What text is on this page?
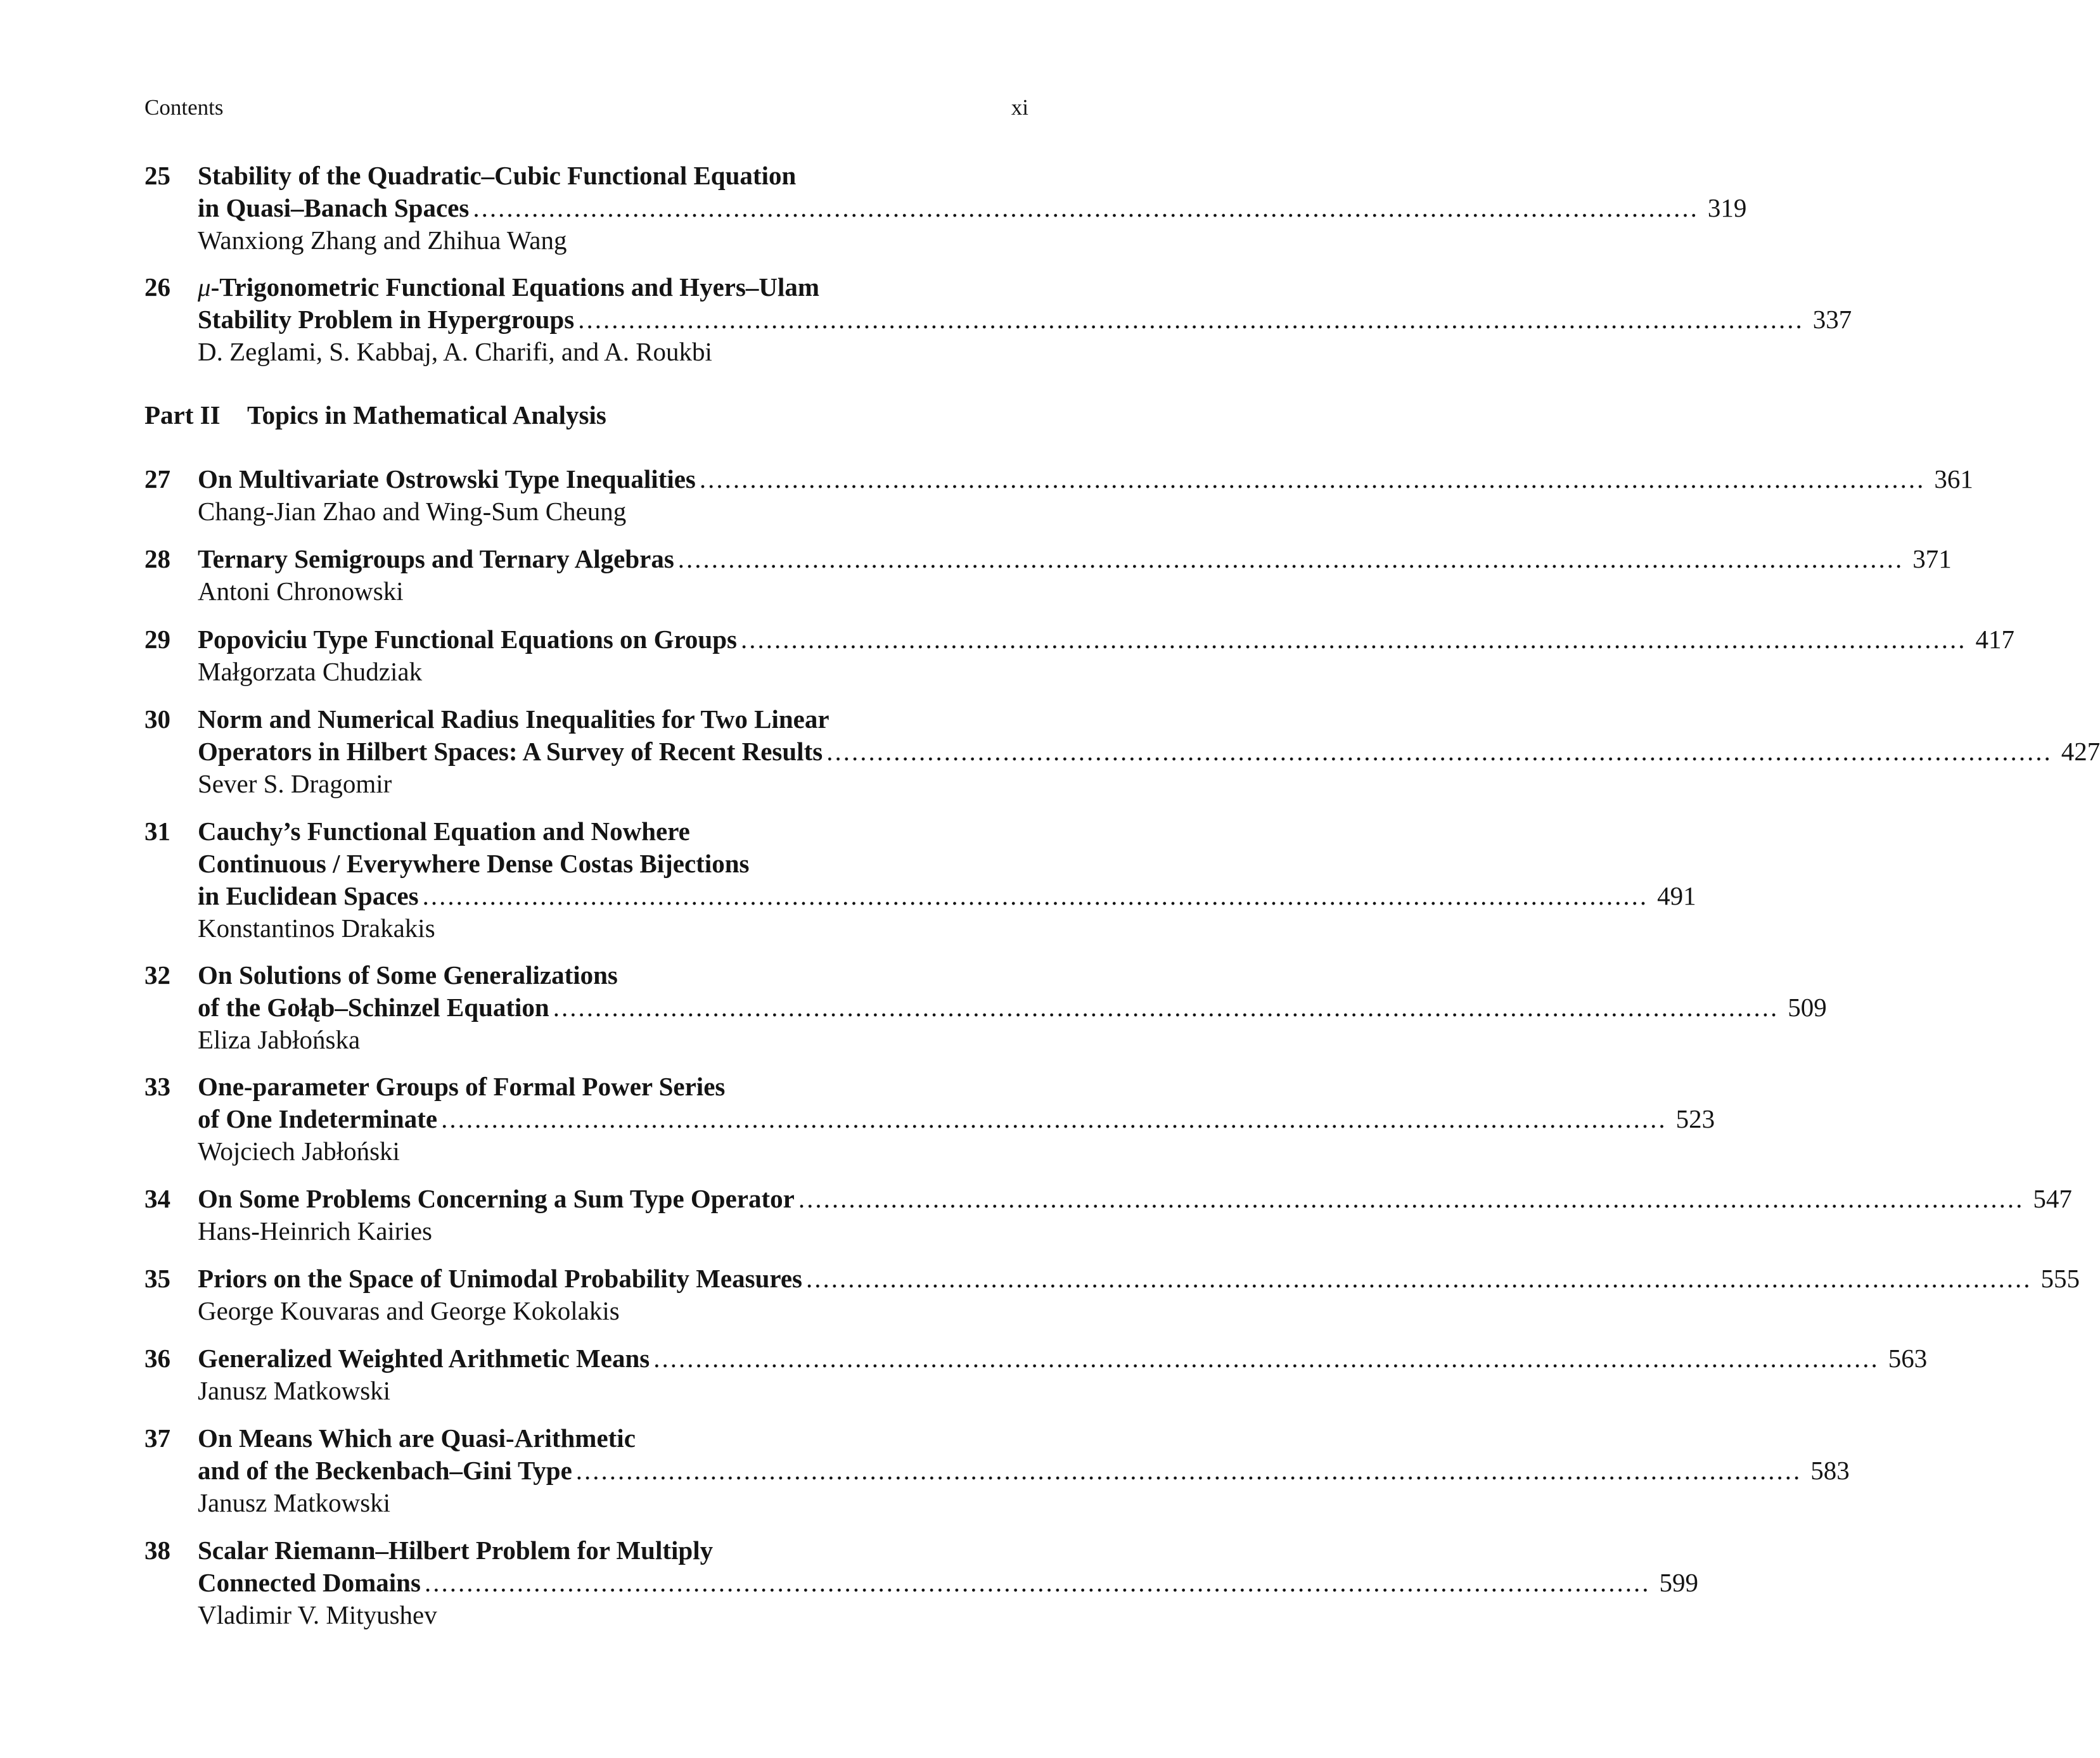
Contents	xi
25	Stability of the Quadratic–Cubic Functional Equation
in Quasi–Banach Spaces .................................................................................................................................................. 319
Wanxiong Zhang and Zhihua Wang
26	μ-Trigonometric Functional Equations and Hyers–Ulam
Stability Problem in Hypergroups .................................................................................................................................................. 337
D. Zeglami, S. Kabbaj, A. Charifi, and A. Roukbi
Part II	Topics in Mathematical Analysis
27	On Multivariate Ostrowski Type Inequalities .................................................................................................................................................. 361
Chang-Jian Zhao and Wing-Sum Cheung
28	Ternary Semigroups and Ternary Algebras .................................................................................................................................................. 371
Antoni Chronowski
29	Popoviciu Type Functional Equations on Groups .................................................................................................................................................. 417
Małgorzata Chudziak
30	Norm and Numerical Radius Inequalities for Two Linear
Operators in Hilbert Spaces: A Survey of Recent Results .................................................................................................................................................. 427
Sever S. Dragomir
31	Cauchy’s Functional Equation and Nowhere
Continuous / Everywhere Dense Costas Bijections
in Euclidean Spaces .................................................................................................................................................. 491
Konstantinos Drakakis
32	On Solutions of Some Generalizations
of the Gołąb–Schinzel Equation .................................................................................................................................................. 509
Eliza Jabłońska
33	One-parameter Groups of Formal Power Series
of One Indeterminate .................................................................................................................................................. 523
Wojciech Jabłoński
34	On Some Problems Concerning a Sum Type Operator .................................................................................................................................................. 547
Hans-Heinrich Kairies
35	Priors on the Space of Unimodal Probability Measures .................................................................................................................................................. 555
George Kouvaras and George Kokolakis
36	Generalized Weighted Arithmetic Means .................................................................................................................................................. 563
Janusz Matkowski
37	On Means Which are Quasi-Arithmetic
and of the Beckenbach–Gini Type .................................................................................................................................................. 583
Janusz Matkowski
38	Scalar Riemann–Hilbert Problem for Multiply
Connected Domains .................................................................................................................................................. 599
Vladimir V. Mityushev
